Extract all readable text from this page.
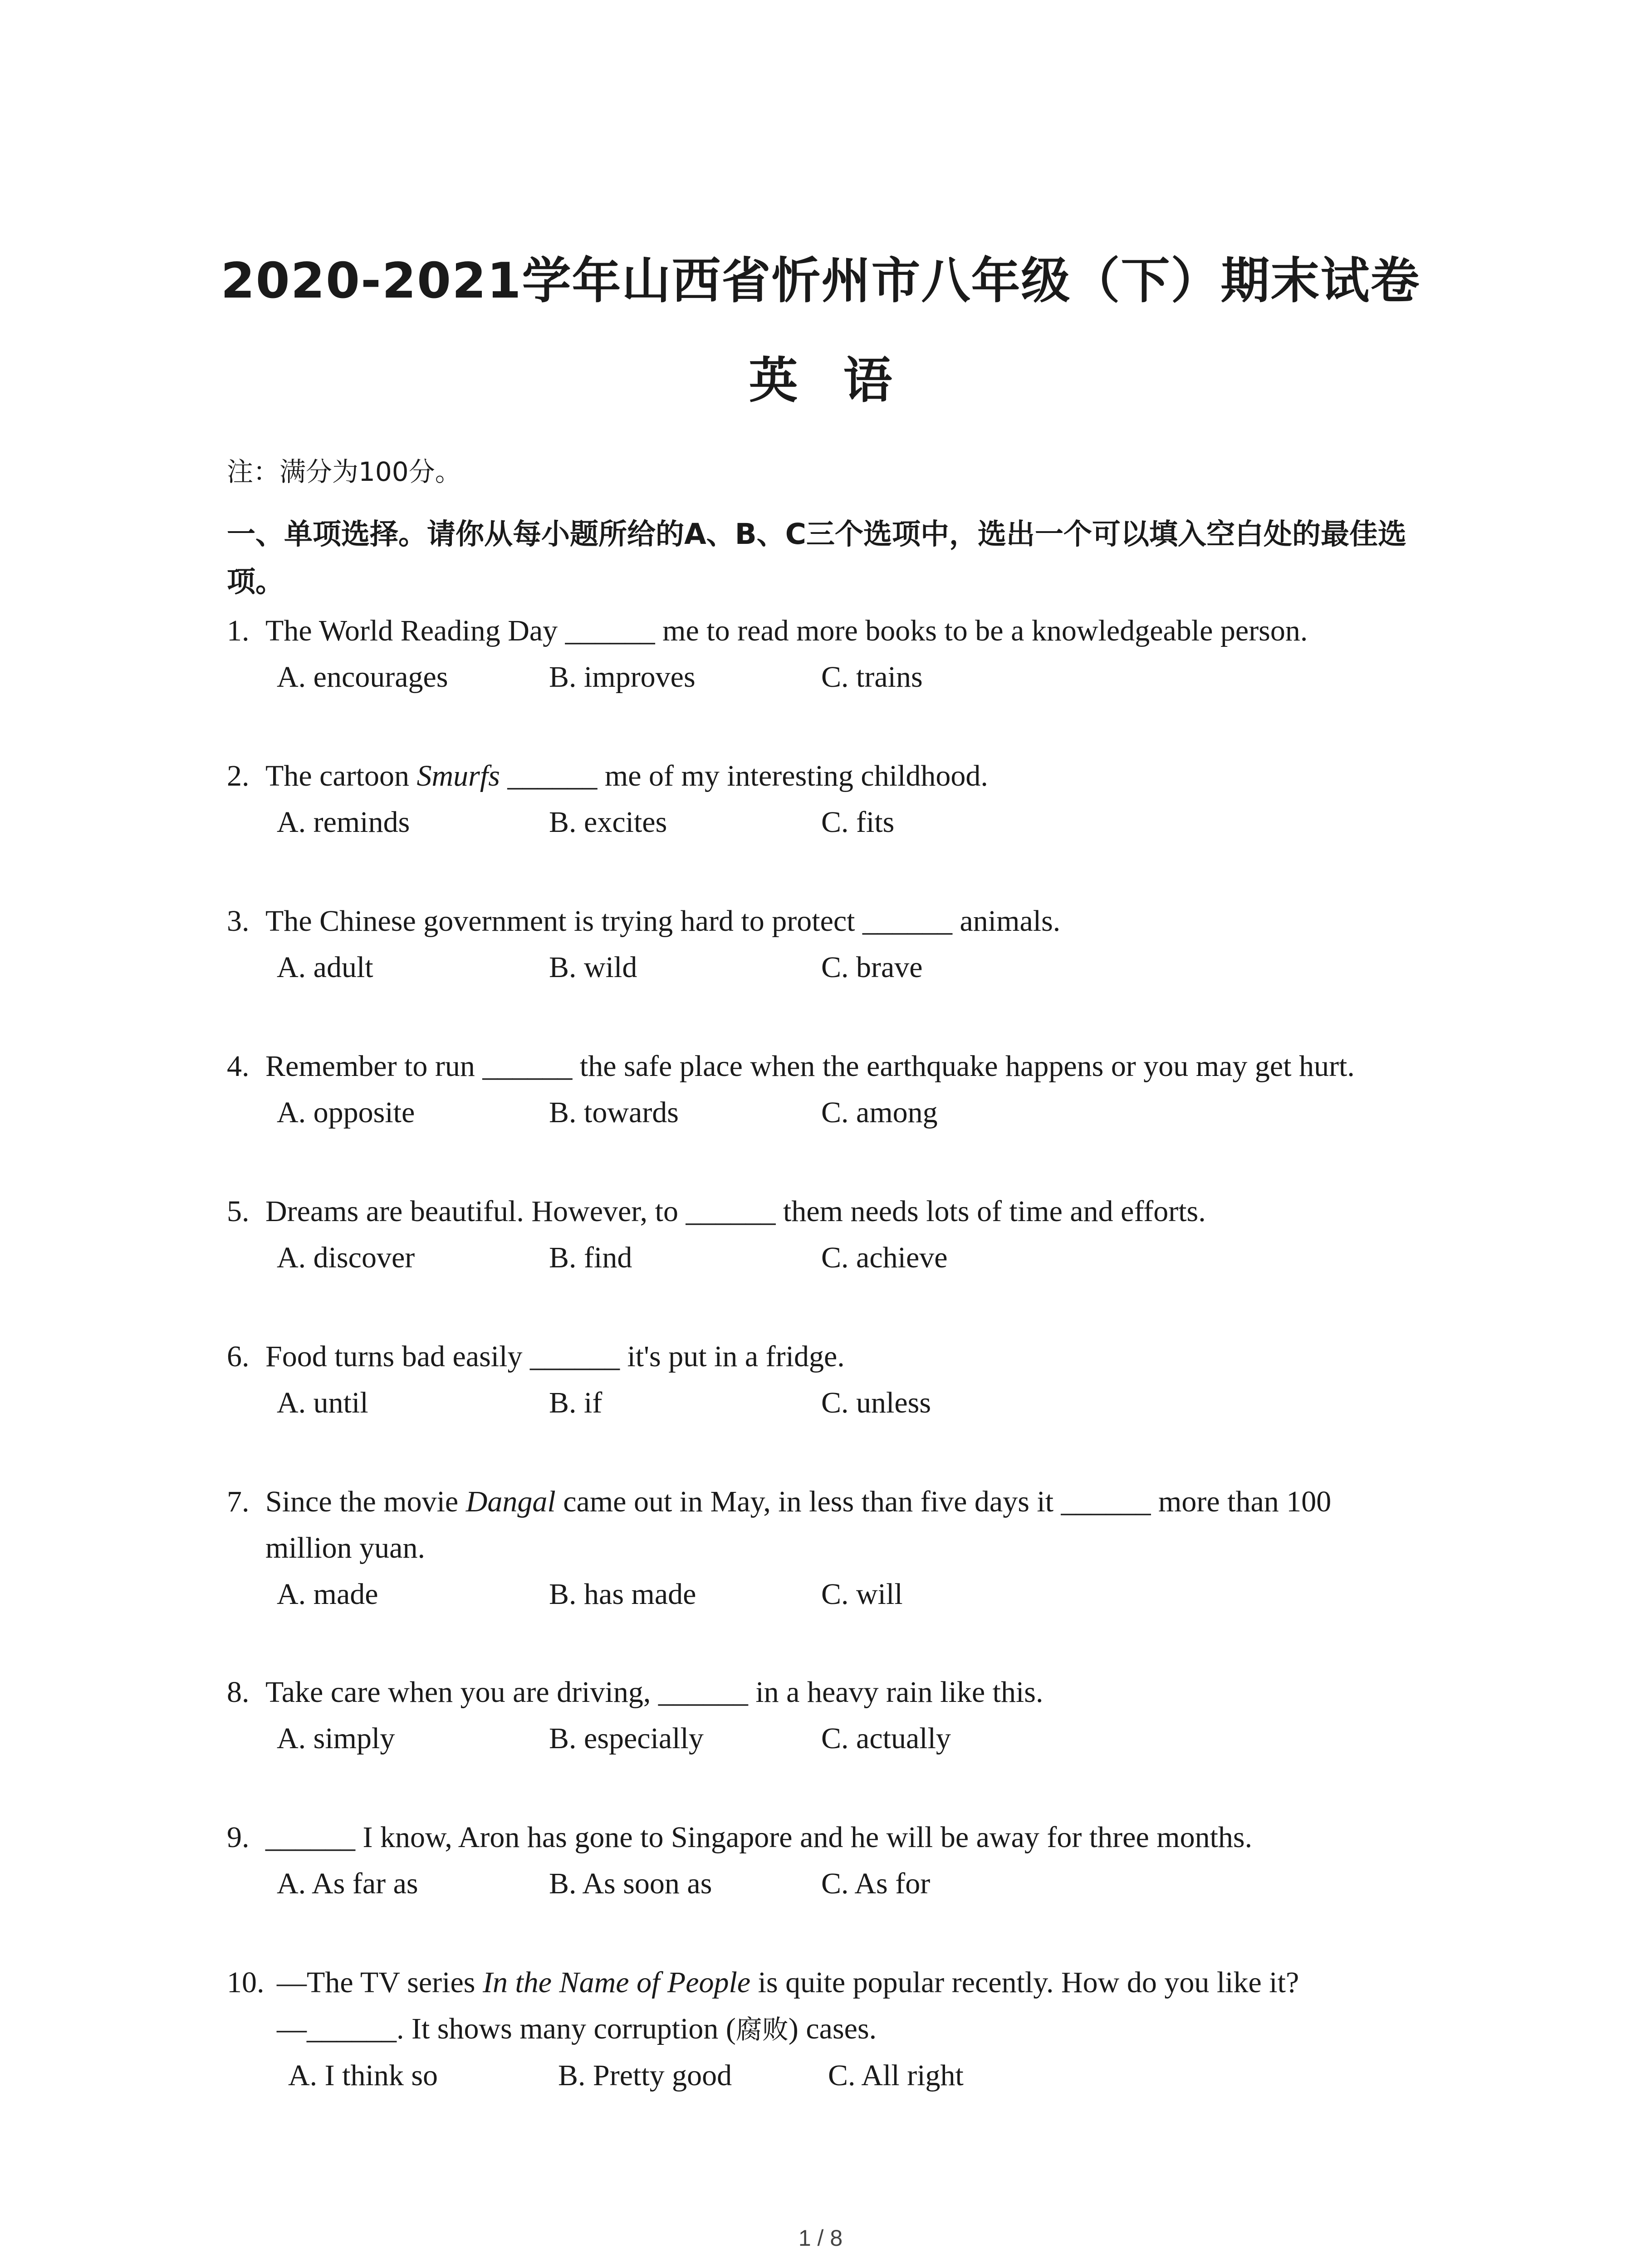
2020-2021学年山西省忻州市八年级（下）期末试卷
英语
注：满分为100分。
一、单项选择。请你从每小题所给的A、B、C三个选项中，选出一个可以填入空白处的最佳选项。
1. The World Reading Day ______ me to read more books to be a knowledgeable person.
A. encourages	B. improves	C. trains
2. The cartoon Smurfs ______ me of my interesting childhood.
A. reminds	B. excites	C. fits
3. The Chinese government is trying hard to protect ______ animals.
A. adult	B. wild	C. brave
4. Remember to run ______ the safe place when the earthquake happens or you may get hurt.
A. opposite	B. towards	C. among
5. Dreams are beautiful. However, to ______ them needs lots of time and efforts.
A. discover	B. find	C. achieve
6. Food turns bad easily ______ it's put in a fridge.
A. until	B. if	C. unless
7. Since the movie Dangal came out in May, in less than five days it ______ more than 100
million yuan.
A. made	B. has made	C. will
8. Take care when you are driving, ______ in a heavy rain like this.
A. simply	B. especially	C. actually
9. ______ I know, Aron has gone to Singapore and he will be away for three months.
A. As far as	B. As soon as	C. As for
10. —The TV series In the Name of People is quite popular recently. How do you like it?
—______. It shows many corruption (腐败) cases.
A. I think so	B. Pretty good	C. All right
1 / 8
